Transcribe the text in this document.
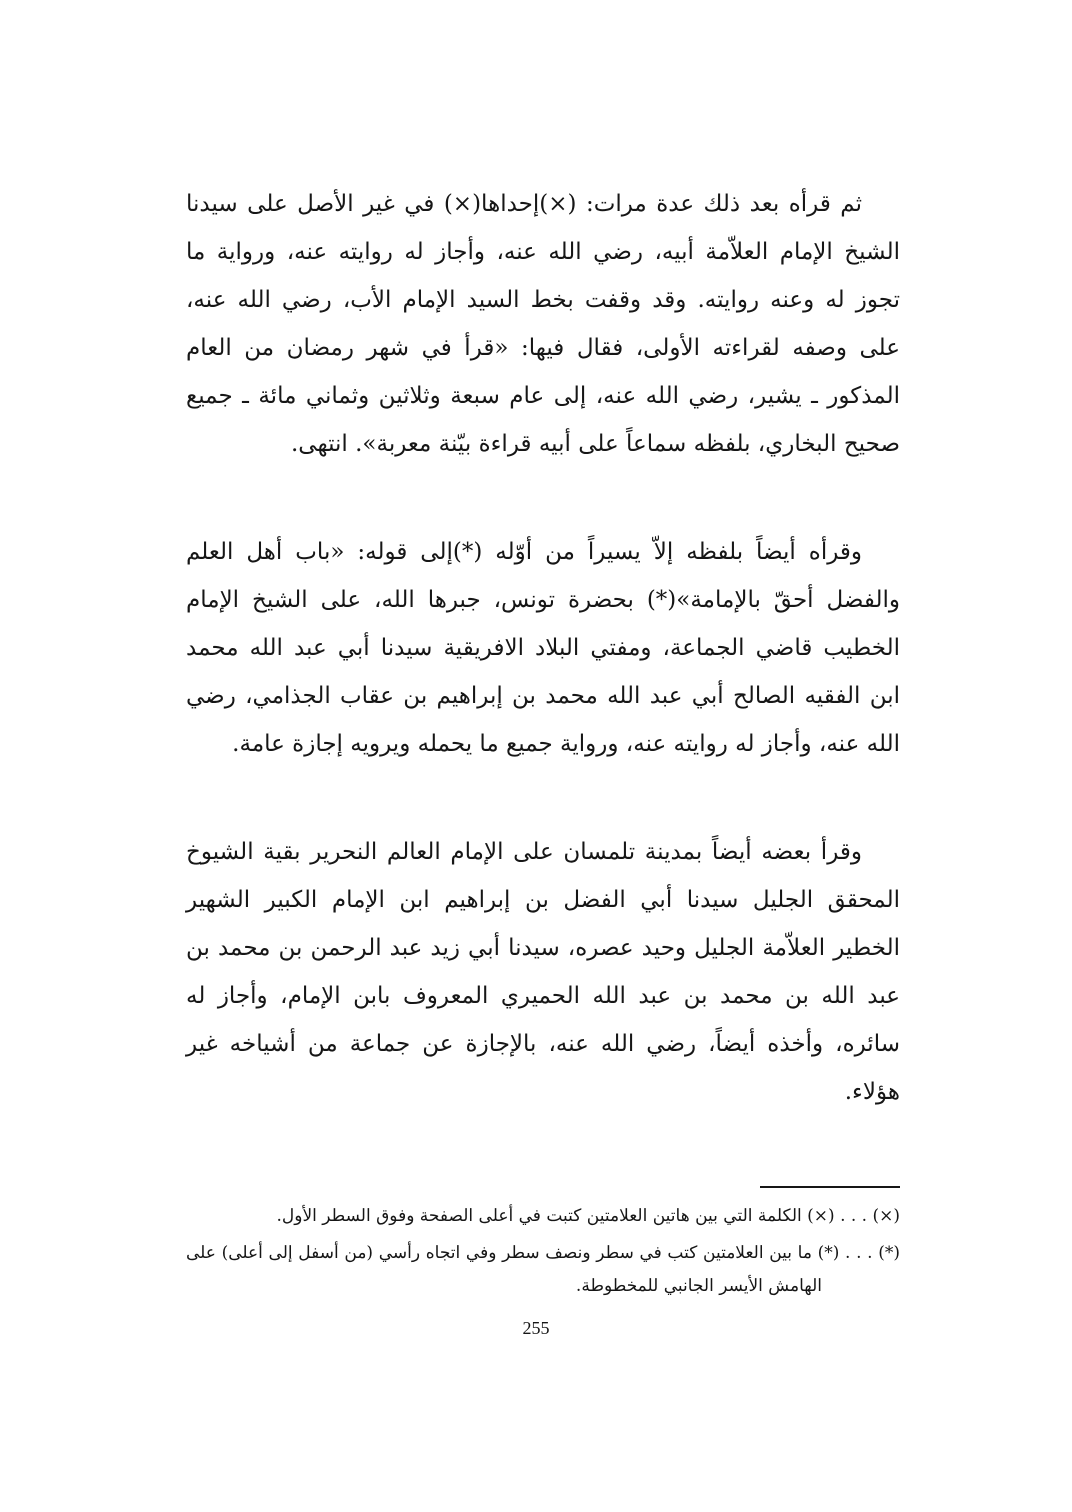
ثم قرأه بعد ذلك عدة مرات: (×)إحداها(×) في غير الأصل على سيدنا الشيخ الإمام العلاّمة أبيه، رضي الله عنه، وأجاز له روايته عنه، ورواية ما تجوز له وعنه روايته. وقد وقفت بخط السيد الإمام الأب، رضي الله عنه، على وصفه لقراءته الأولى، فقال فيها: «قرأ في شهر رمضان من العام المذكور ـ يشير، رضي الله عنه، إلى عام سبعة وثلاثين وثماني مائة ـ جميع صحيح البخاري، بلفظه سماعاً على أبيه قراءة بيّنة معربة». انتهى.

وقرأه أيضاً بلفظه إلاّ يسيراً من أوّله (*)إلى قوله: «باب أهل العلم والفضل أحقّ بالإمامة»(*) بحضرة تونس، جبرها الله، على الشيخ الإمام الخطيب قاضي الجماعة، ومفتي البلاد الافريقية سيدنا أبي عبد الله محمد ابن الفقيه الصالح أبي عبد الله محمد بن إبراهيم بن عقاب الجذامي، رضي الله عنه، وأجاز له روايته عنه، ورواية جميع ما يحمله ويرويه إجازة عامة.

وقرأ بعضه أيضاً بمدينة تلمسان على الإمام العالم النحرير بقية الشيوخ المحقق الجليل سيدنا أبي الفضل بن إبراهيم ابن الإمام الكبير الشهير الخطير العلاّمة الجليل وحيد عصره، سيدنا أبي زيد عبد الرحمن بن محمد بن عبد الله بن محمد بن عبد الله الحميري المعروف بابن الإمام، وأجاز له سائره، وأخذه أيضاً، رضي الله عنه، بالإجازة عن جماعة من أشياخه غير هؤلاء.

(×) . . . (×) الكلمة التي بين هاتين العلامتين كتبت في أعلى الصفحة وفوق السطر الأول.

(*) . . . (*) ما بين العلامتين كتب في سطر ونصف سطر وفي اتجاه رأسي (من أسفل إلى أعلى) على الهامش الأيسر الجانبي للمخطوطة.

255
